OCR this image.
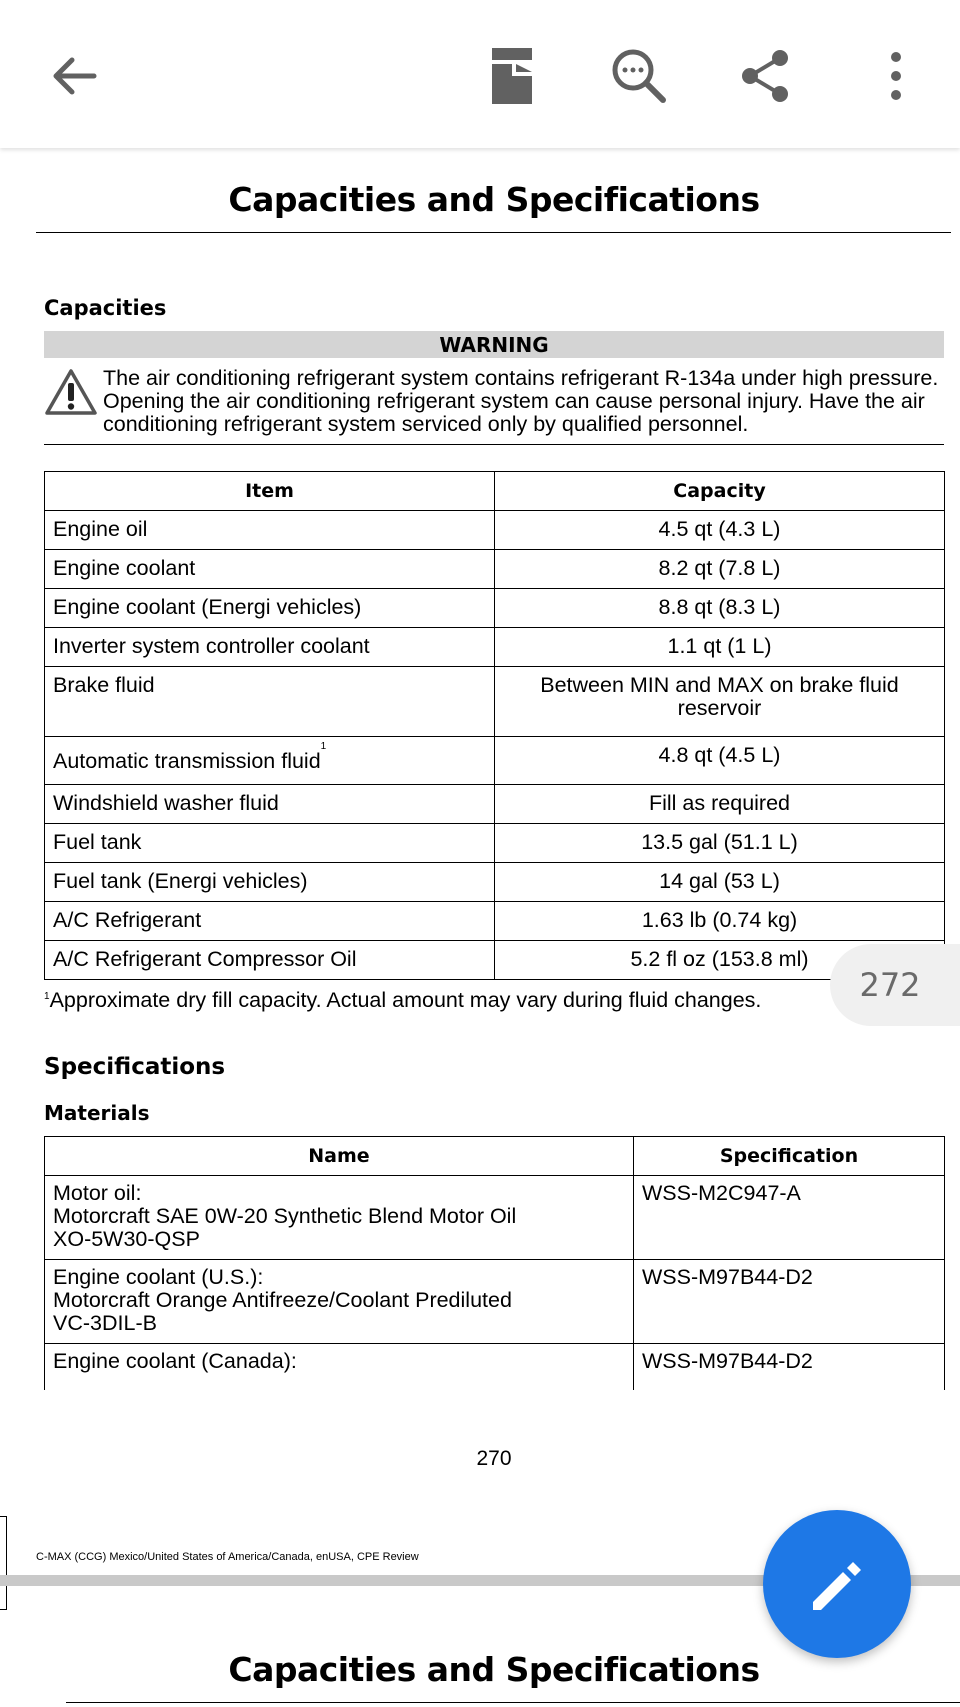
Capacities and Specifications
Capacities
WARNING
The air conditioning refrigerant system contains refrigerant R-134a under high pressure. Opening the air conditioning refrigerant system can cause personal injury. Have the air conditioning refrigerant system serviced only by qualified personnel.
Item	Capacity
Engine oil	4.5 qt (4.3 L)
Engine coolant	8.2 qt (7.8 L)
Engine coolant (Energi vehicles)	8.8 qt (8.3 L)
Inverter system controller coolant	1.1 qt (1 L)
Brake fluid	Between MIN and MAX on brake fluid reservoir
Automatic transmission fluid$^1$	4.8 qt (4.5 L)
Windshield washer fluid	Fill as required
Fuel tank	13.5 gal (51.1 L)
Fuel tank (Energi vehicles)	14 gal (53 L)
A/C Refrigerant	1.63 lb (0.74 kg)
A/C Refrigerant Compressor Oil	5.2 fl oz (153.8 ml)
$^1$Approximate dry fill capacity. Actual amount may vary during fluid changes.
Specifications
Materials
Name	Specification

Motor oil:
Motorcraft SAE 0W-20 Synthetic Blend Motor Oil
XO-5W30-QSP	WSS-M2C947-A

Engine coolant (U.S.):
Motorcraft Orange Antifreeze/Coolant Prediluted
VC-3DIL-B	WSS-M97B44-D2

Engine coolant (Canada):	WSS-M97B44-D2
270
C-MAX (CCG) Mexico/United States of America/Canada, enUSA, CPE Review
Capacities and Specifications
272
